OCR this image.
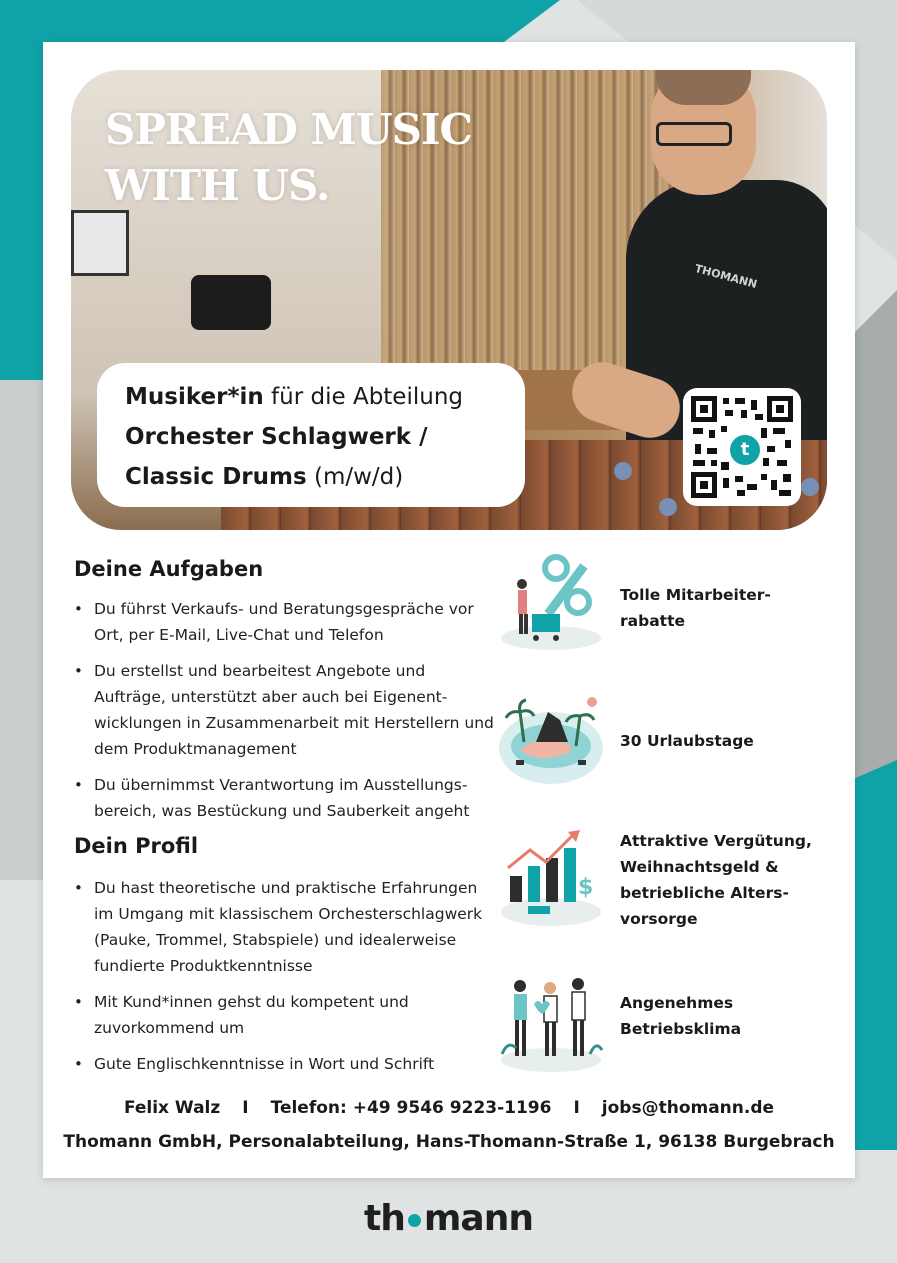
THOMANN
SPREAD MUSIC
WITH US.
Musiker*in für die Abteilung
Orchester Schlagwerk /
Classic Drums (m/w/d)
t
Deine Aufgaben
• Du führst Verkaufs- und Beratungsgespräche vor Ort, per E-Mail, Live-Chat und Telefon
• Du erstellst und bearbeitest Angebote und Aufträge, unterstützt aber auch bei Eigenent-wicklungen in Zusammenarbeit mit Herstellern und dem Produktmanagement
• Du übernimmst Verantwortung im Ausstellungs-bereich, was Bestückung und Sauberkeit angeht
Dein Profil
• Du hast theoretische und praktische Erfahrungen im Umgang mit klassischem Orchesterschlagwerk (Pauke, Trommel, Stabspiele) und idealerweise fundierte Produktkenntnisse
• Mit Kund*innen gehst du kompetent und zuvorkommend um
• Gute Englischkenntnisse in Wort und Schrift
Tolle Mitarbeiter-rabatte
30 Urlaubstage
$
Attraktive Vergütung, Weihnachtsgeld & betriebliche Alters-vorsorge
Angenehmes Betriebsklima
Felix Walz I Telefon: +49 9546 9223-1196 I jobs@thomann.de
Thomann GmbH, Personalabteilung, Hans-Thomann-Straße 1, 96138 Burgebrach
th mann
